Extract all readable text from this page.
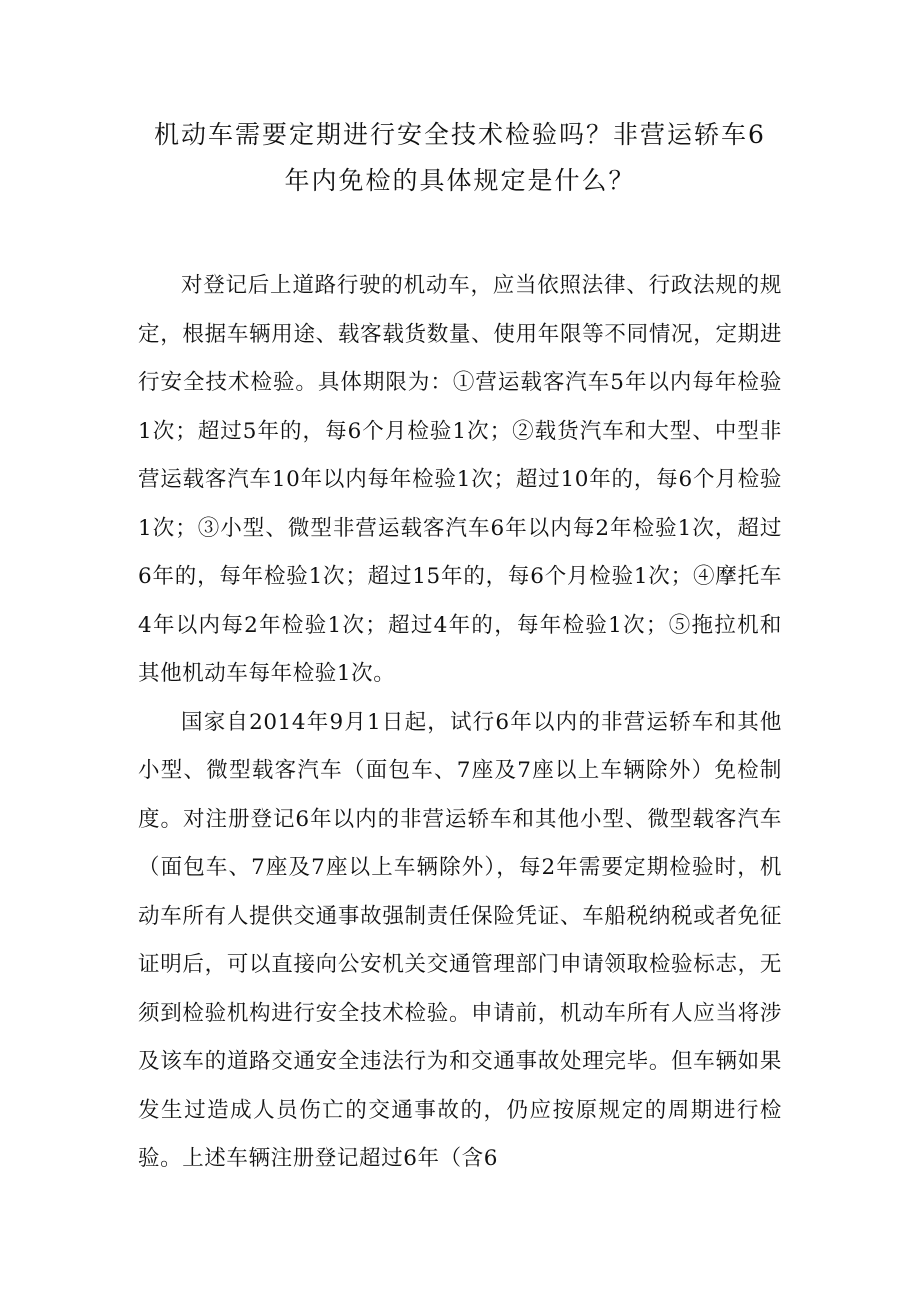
机动车需要定期进行安全技术检验吗？非营运轿车6
年内免检的具体规定是什么？

对登记后上道路行驶的机动车，应当依照法律、行政法规的规定，根据车辆用途、载客载货数量、使用年限等不同情况，定期进行安全技术检验。具体期限为：①营运载客汽车5年以内每年检验1次；超过5年的，每6个月检验1次；②载货汽车和大型、中型非营运载客汽车10年以内每年检验1次；超过10年的，每6个月检验1次；③小型、微型非营运载客汽车6年以内每2年检验1次，超过6年的，每年检验1次；超过15年的，每6个月检验1次；④摩托车4年以内每2年检验1次；超过4年的，每年检验1次；⑤拖拉机和其他机动车每年检验1次。

国家自2014年9月1日起，试行6年以内的非营运轿车和其他小型、微型载客汽车（面包车、7座及7座以上车辆除外）免检制度。对注册登记6年以内的非营运轿车和其他小型、微型载客汽车（面包车、7座及7座以上车辆除外），每2年需要定期检验时，机动车所有人提供交通事故强制责任保险凭证、车船税纳税或者免征证明后，可以直接向公安机关交通管理部门申请领取检验标志，无须到检验机构进行安全技术检验。申请前，机动车所有人应当将涉及该车的道路交通安全违法行为和交通事故处理完毕。但车辆如果发生过造成人员伤亡的交通事故的，仍应按原规定的周期进行检验。上述车辆注册登记超过6年（含6
